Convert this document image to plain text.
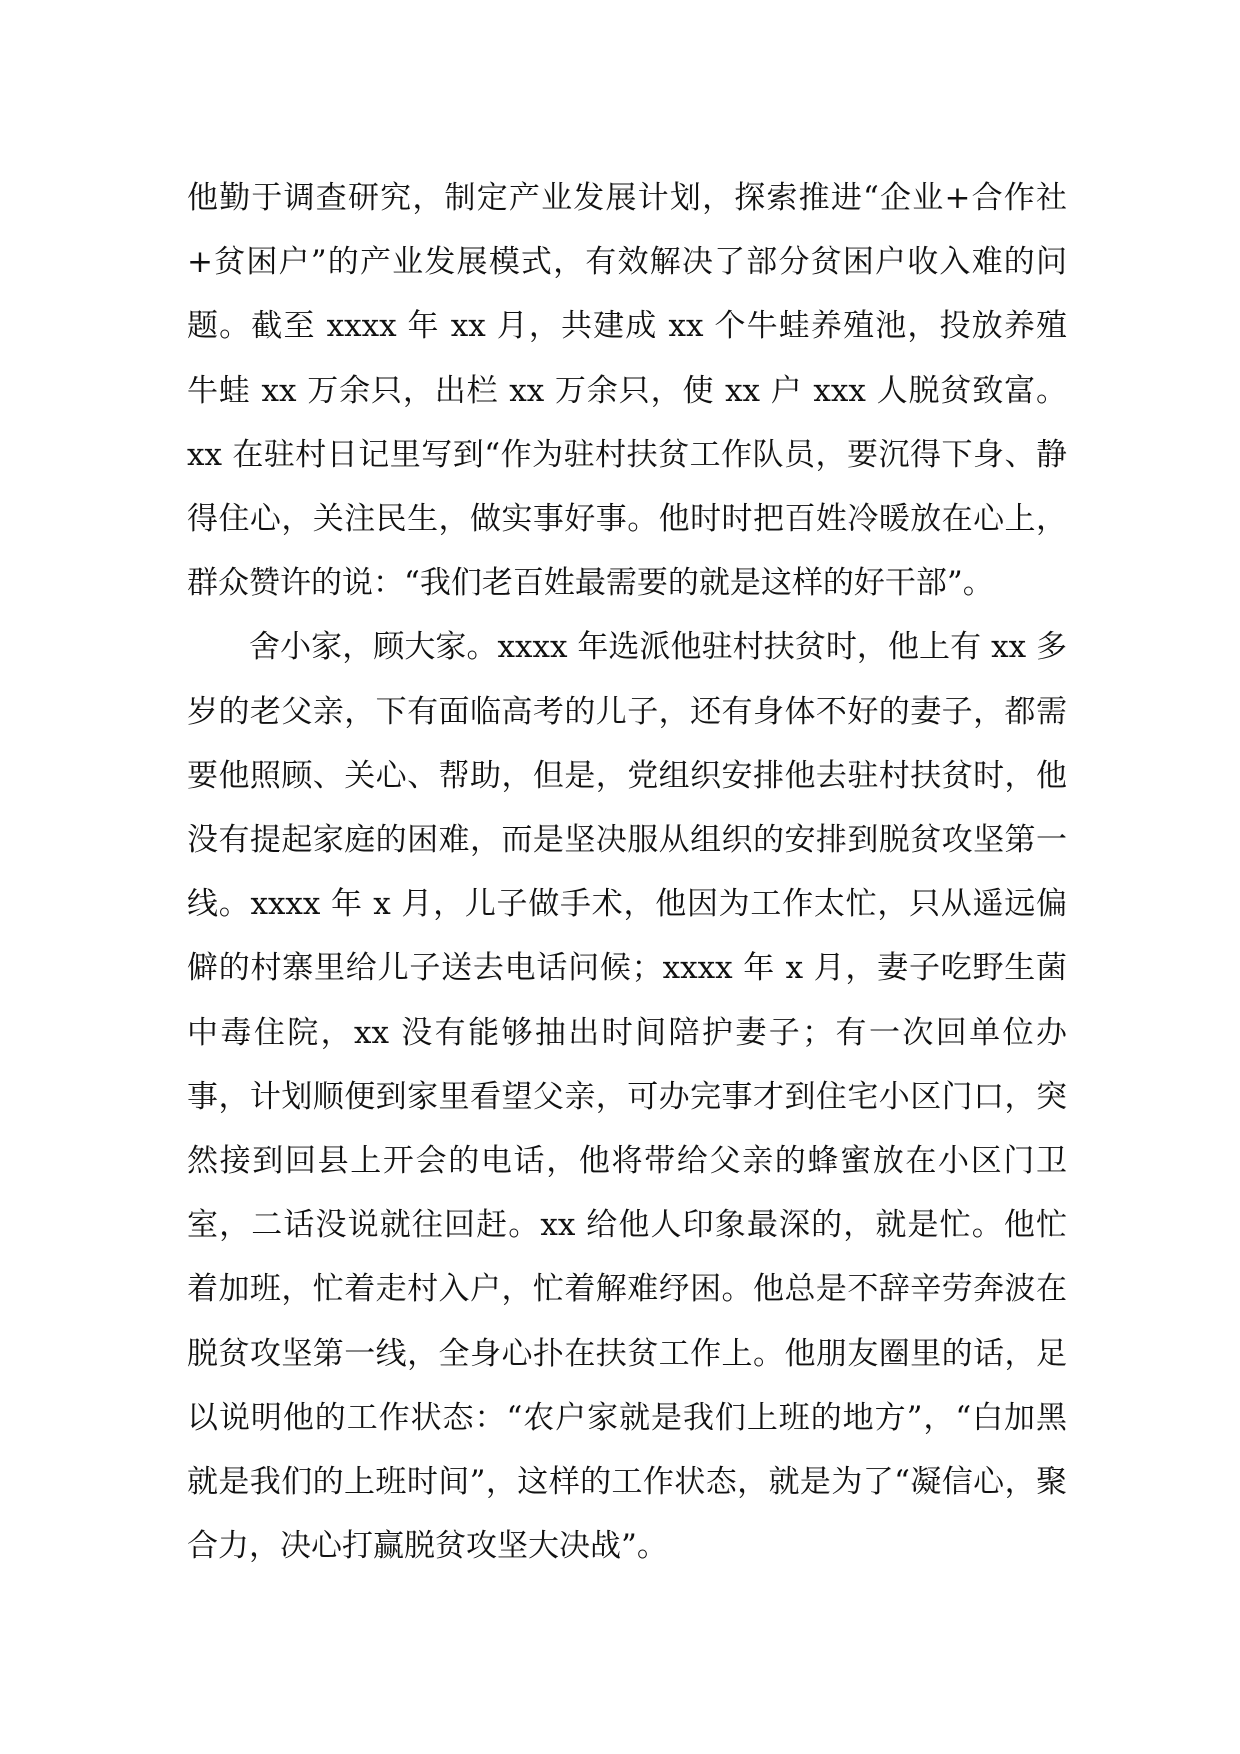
他勤于调查研究，制定产业发展计划，探索推进“企业+合作社+贫困户”的产业发展模式，有效解决了部分贫困户收入难的问题。截至 xxxx 年 xx 月，共建成 xx 个牛蛙养殖池，投放养殖牛蛙 xx 万余只，出栏 xx 万余只，使 xx 户 xxx 人脱贫致富。xx 在驻村日记里写到“作为驻村扶贫工作队员，要沉得下身、静得住心，关注民生，做实事好事。他时时把百姓冷暖放在心上，群众赞许的说：“我们老百姓最需要的就是这样的好干部”。

舍小家，顾大家。xxxx 年选派他驻村扶贫时，他上有 xx 多岁的老父亲，下有面临高考的儿子，还有身体不好的妻子，都需要他照顾、关心、帮助，但是，党组织安排他去驻村扶贫时，他没有提起家庭的困难，而是坚决服从组织的安排到脱贫攻坚第一线。xxxx 年 x 月，儿子做手术，他因为工作太忙，只从遥远偏僻的村寨里给儿子送去电话问候；xxxx 年 x 月，妻子吃野生菌中毒住院，xx 没有能够抽出时间陪护妻子；有一次回单位办事，计划顺便到家里看望父亲，可办完事才到住宅小区门口，突然接到回县上开会的电话，他将带给父亲的蜂蜜放在小区门卫室，二话没说就往回赶。xx 给他人印象最深的，就是忙。他忙着加班，忙着走村入户，忙着解难纾困。他总是不辞辛劳奔波在脱贫攻坚第一线，全身心扑在扶贫工作上。他朋友圈里的话，足以说明他的工作状态：“农户家就是我们上班的地方”，“白加黑就是我们的上班时间”，这样的工作状态，就是为了“凝信心，聚合力，决心打赢脱贫攻坚大决战”。
